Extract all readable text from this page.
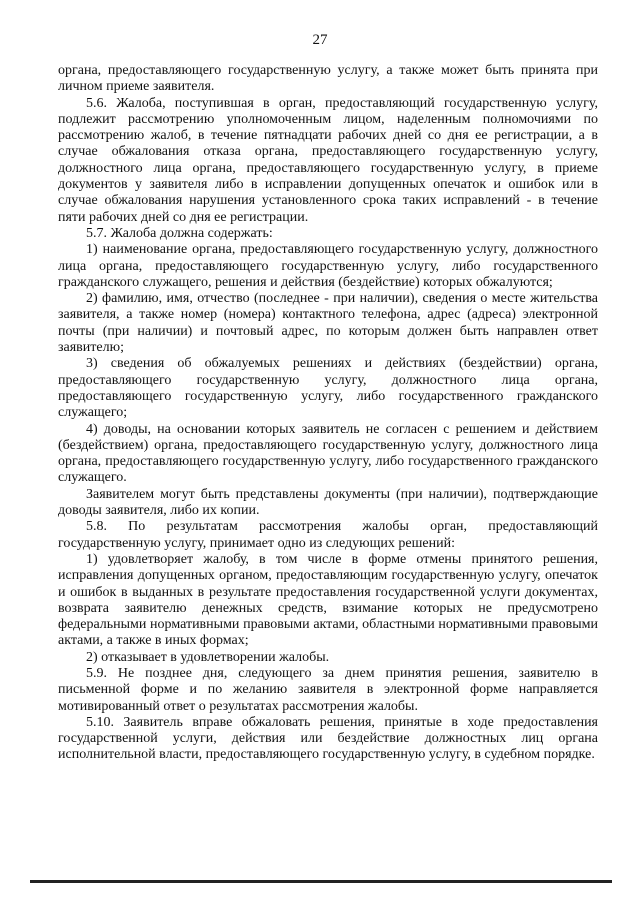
27

органа, предоставляющего государственную услугу, а также может быть принята при личном приеме заявителя.

5.6. Жалоба, поступившая в орган, предоставляющий государственную услугу, подлежит рассмотрению уполномоченным лицом, наделенным полномочиями по рассмотрению жалоб, в течение пятнадцати рабочих дней со дня ее регистрации, а в случае обжалования отказа органа, предоставляющего государственную услугу, должностного лица органа, предоставляющего государственную услугу, в приеме документов у заявителя либо в исправлении допущенных опечаток и ошибок или в случае обжалования нарушения установленного срока таких исправлений - в течение пяти рабочих дней со дня ее регистрации.

5.7. Жалоба должна содержать:

1) наименование органа, предоставляющего государственную услугу, должностного лица органа, предоставляющего государственную услугу, либо государственного гражданского служащего, решения и действия (бездействие) которых обжалуются;

2) фамилию, имя, отчество (последнее - при наличии), сведения о месте жительства заявителя, а также номер (номера) контактного телефона, адрес (адреса) электронной почты (при наличии) и почтовый адрес, по которым должен быть направлен ответ заявителю;

3) сведения об обжалуемых решениях и действиях (бездействии) органа, предоставляющего государственную услугу, должностного лица органа, предоставляющего государственную услугу, либо государственного гражданского служащего;

4) доводы, на основании которых заявитель не согласен с решением и действием (бездействием) органа, предоставляющего государственную услугу, должностного лица органа, предоставляющего государственную услугу, либо государственного гражданского служащего.

Заявителем могут быть представлены документы (при наличии), подтверждающие доводы заявителя, либо их копии.

5.8. По результатам рассмотрения жалобы орган, предоставляющий государственную услугу, принимает одно из следующих решений:

1) удовлетворяет жалобу, в том числе в форме отмены принятого решения, исправления допущенных органом, предоставляющим государственную услугу, опечаток и ошибок в выданных в результате предоставления государственной услуги документах, возврата заявителю денежных средств, взимание которых не предусмотрено федеральными нормативными правовыми актами, областными нормативными правовыми актами, а также в иных формах;

2) отказывает в удовлетворении жалобы.

5.9. Не позднее дня, следующего за днем принятия решения, заявителю в письменной форме и по желанию заявителя в электронной форме направляется мотивированный ответ о результатах рассмотрения жалобы.

5.10. Заявитель вправе обжаловать решения, принятые в ходе предоставления государственной услуги, действия или бездействие должностных лиц органа исполнительной власти, предоставляющего государственную услугу, в судебном порядке.
